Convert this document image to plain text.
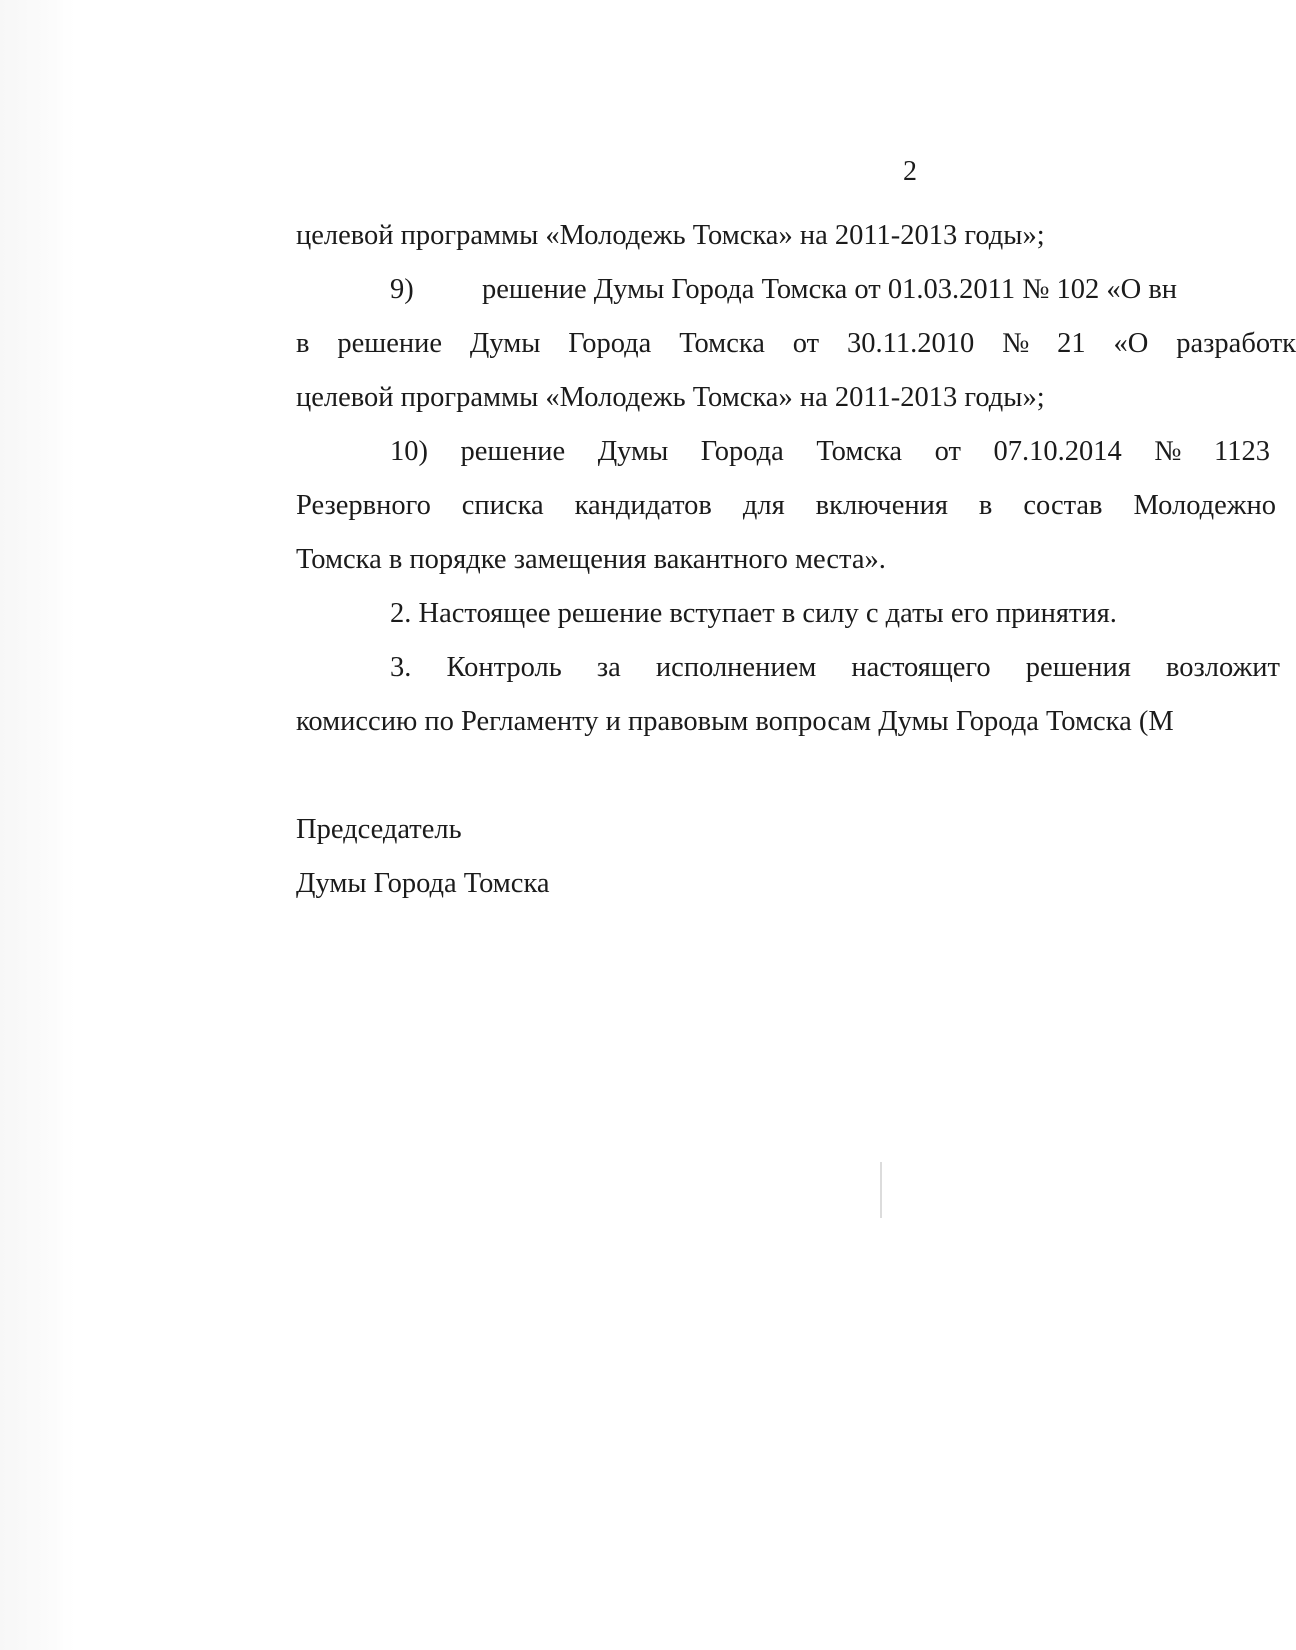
2
целевой программы «Молодежь Томска» на 2011-2013 годы»;
9) решение Думы Города Томска от 01.03.2011 № 102 «О вн
в решение Думы Города Томска от 30.11.2010 № 21 «О разработк
целевой программы «Молодежь Томска» на 2011-2013 годы»;
10) решение Думы Города Томска от 07.10.2014 № 1123
Резервного списка кандидатов для включения в состав Молодежно
Томска в порядке замещения вакантного места».
2. Настоящее решение вступает в силу с даты его принятия.
3. Контроль за исполнением настоящего решения возложит
комиссию по Регламенту и правовым вопросам Думы Города Томска (М
Председатель
Думы Города Томска
